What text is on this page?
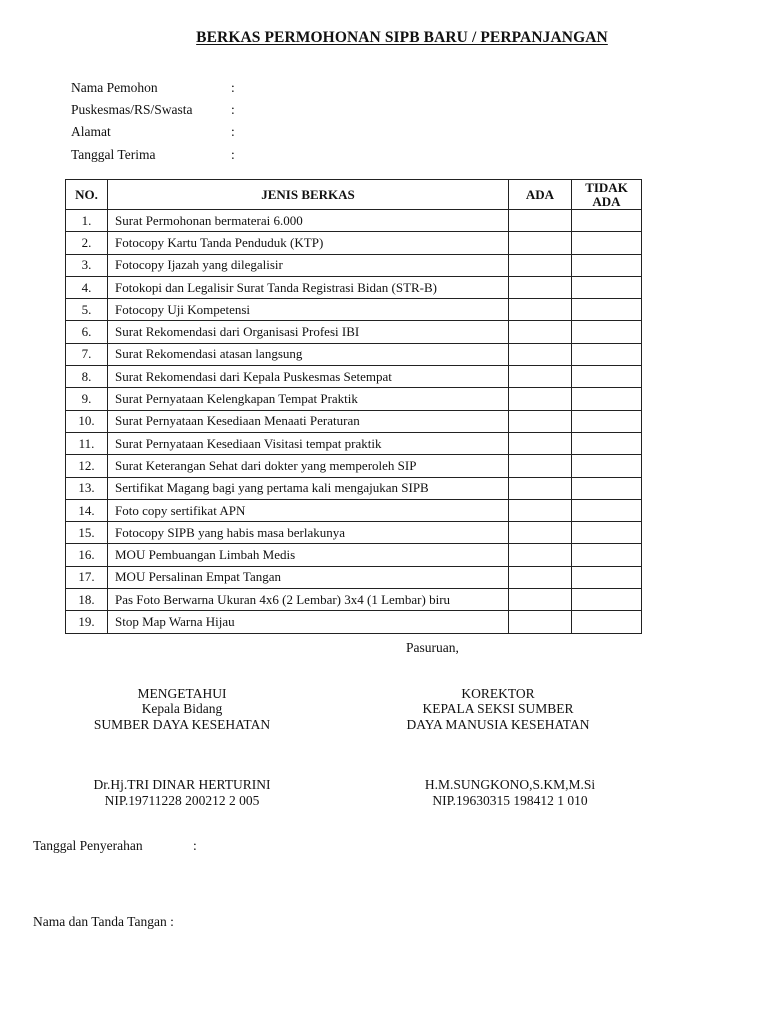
BERKAS PERMOHONAN SIPB BARU / PERPANJANGAN
Nama Pemohon	:
Puskesmas/RS/Swasta	:
Alamat	:
Tanggal Terima	:
NO.	JENIS BERKAS	ADA	TIDAK ADA
1.	Surat Permohonan bermaterai 6.000		
2.	Fotocopy Kartu Tanda Penduduk (KTP)		
3.	Fotocopy Ijazah yang dilegalisir		
4.	Fotokopi dan Legalisir Surat Tanda Registrasi Bidan (STR-B)		
5.	Fotocopy Uji Kompetensi		
6.	Surat Rekomendasi dari Organisasi Profesi IBI		
7.	Surat Rekomendasi atasan langsung		
8.	Surat Rekomendasi dari Kepala Puskesmas Setempat		
9.	Surat Pernyataan Kelengkapan Tempat Praktik		
10.	Surat Pernyataan Kesediaan Menaati Peraturan		
11.	Surat Pernyataan Kesediaan Visitasi tempat praktik		
12.	Surat Keterangan Sehat dari dokter yang memperoleh SIP		
13.	Sertifikat Magang bagi yang pertama kali mengajukan SIPB		
14.	Foto copy sertifikat APN		
15.	Fotocopy SIPB yang habis masa berlakunya		
16.	MOU Pembuangan Limbah Medis		
17.	MOU Persalinan Empat Tangan		
18.	Pas Foto Berwarna Ukuran 4x6 (2 Lembar) 3x4 (1 Lembar) biru		
19.	Stop Map Warna Hijau		
Pasuruan,
MENGETAHUI
Kepala Bidang
SUMBER DAYA KESEHATAN
Dr.Hj.TRI DINAR HERTURINI
NIP.19711228 200212 2 005
KOREKTOR
KEPALA SEKSI SUMBER
DAYA MANUSIA KESEHATAN
H.M.SUNGKONO,S.KM,M.Si
NIP.19630315 198412 1 010
Tanggal Penyerahan	:
Nama dan Tanda Tangan :
